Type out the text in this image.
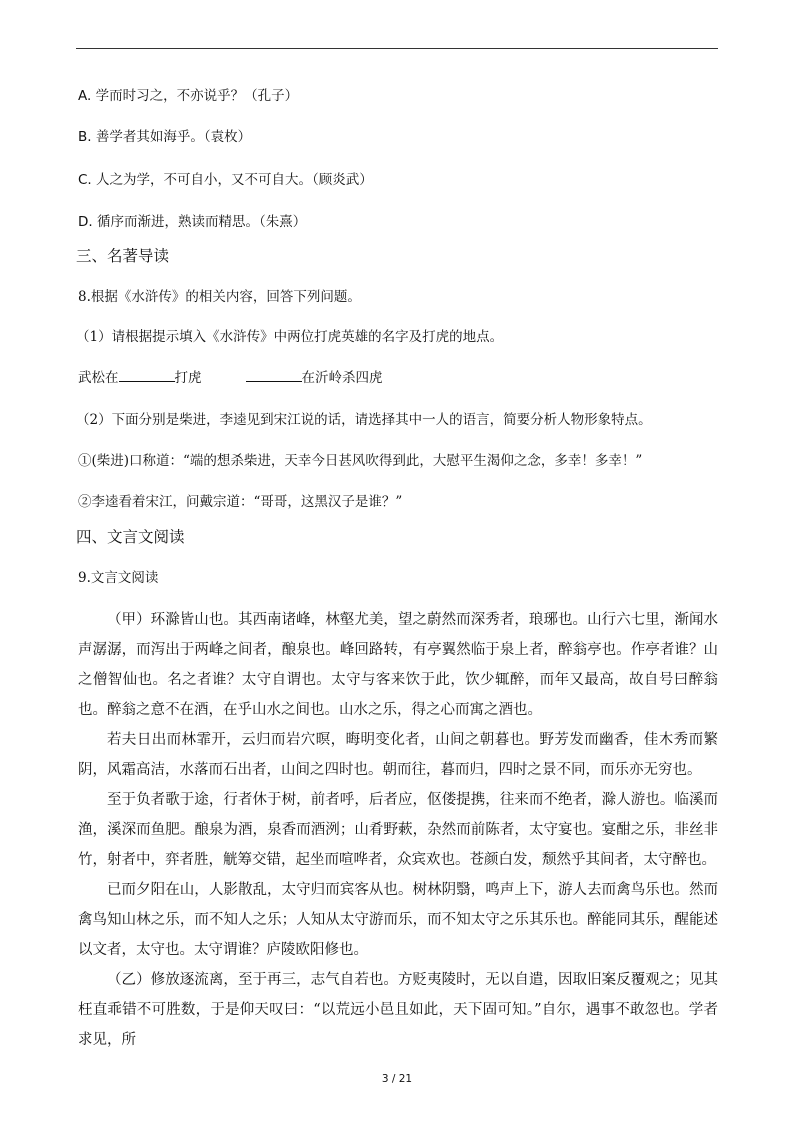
A. 学而时习之，不亦说乎？（孔子）
B. 善学者其如海乎。（袁枚）
C. 人之为学，不可自小，又不可自大。（顾炎武）
D. 循序而渐进，熟读而精思。（朱熹）
三、名著导读
8.根据《水浒传》的相关内容，回答下列问题。
（1）请根据提示填入《水浒传》中两位打虎英雄的名字及打虎的地点。
武松在	打虎	在沂岭杀四虎
（2）下面分别是柴进，李逵见到宋江说的话，请选择其中一人的语言，简要分析人物形象特点。
①(柴进)口称道：“端的想杀柴进，天幸今日甚风吹得到此，大慰平生渴仰之念，多幸！多幸！”
②李逵看着宋江，问戴宗道：“哥哥，这黑汉子是谁？”
四、文言文阅读
9.文言文阅读
（甲）环滁皆山也。其西南诸峰，林壑尤美，望之蔚然而深秀者，琅琊也。山行六七里，渐闻水声潺潺，而泻出于两峰之间者，酿泉也。峰回路转，有亭翼然临于泉上者，醉翁亭也。作亭者谁？山之僧智仙也。名之者谁？太守自谓也。太守与客来饮于此，饮少辄醉，而年又最高，故自号曰醉翁也。醉翁之意不在酒，在乎山水之间也。山水之乐，得之心而寓之酒也。
若夫日出而林霏开，云归而岩穴暝，晦明变化者，山间之朝暮也。野芳发而幽香，佳木秀而繁阴，风霜高洁，水落而石出者，山间之四时也。朝而往，暮而归，四时之景不同，而乐亦无穷也。
至于负者歌于途，行者休于树，前者呼，后者应，伛偻提携，往来而不绝者，滁人游也。临溪而渔，溪深而鱼肥。酿泉为酒，泉香而酒洌；山肴野蔌，杂然而前陈者，太守宴也。宴酣之乐，非丝非竹，射者中，弈者胜，觥筹交错，起坐而喧哗者，众宾欢也。苍颜白发，颓然乎其间者，太守醉也。
已而夕阳在山，人影散乱，太守归而宾客从也。树林阴翳，鸣声上下，游人去而禽鸟乐也。然而禽鸟知山林之乐，而不知人之乐；人知从太守游而乐，而不知太守之乐其乐也。醉能同其乐，醒能述以文者，太守也。太守谓谁？庐陵欧阳修也。
（乙）修放逐流离，至于再三，志气自若也。方贬夷陵时，无以自遣，因取旧案反覆观之；见其枉直乖错不可胜数，于是仰天叹曰：“以荒远小邑且如此，天下固可知。”自尔，遇事不敢忽也。学者求见，所
3 / 21
